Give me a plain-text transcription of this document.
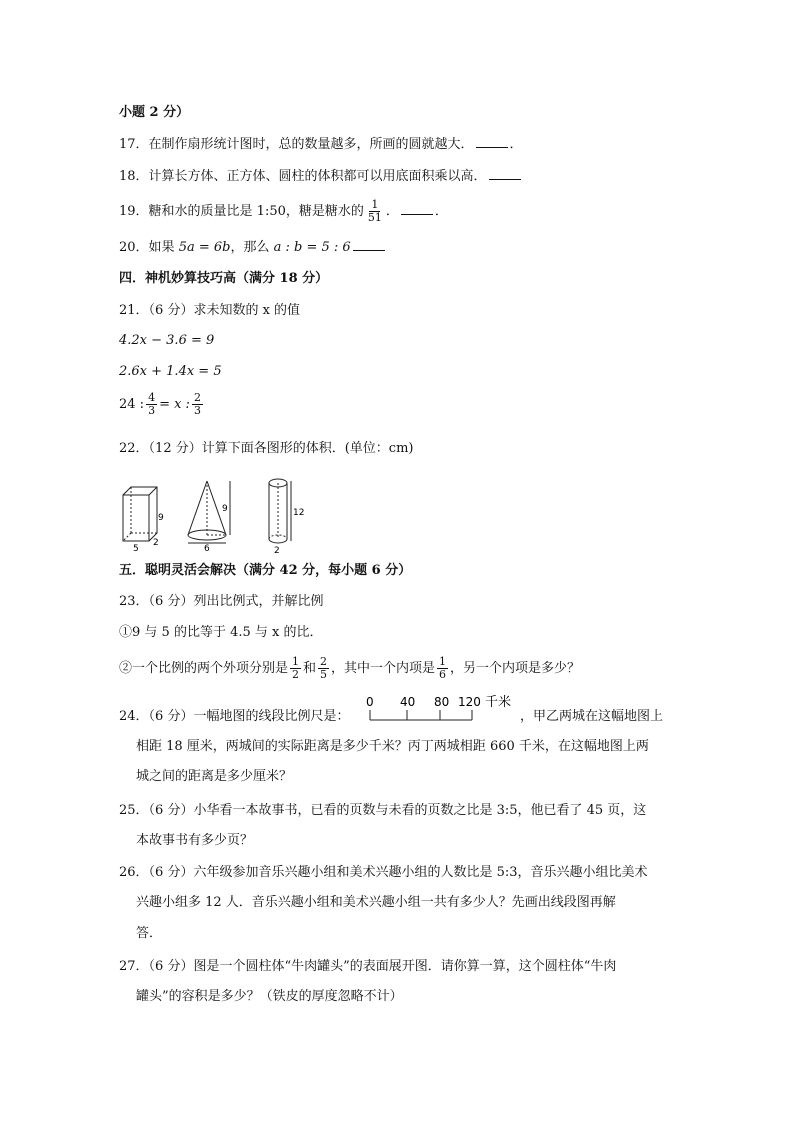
小题 2 分）
17．在制作扇形统计图时，总的数量越多，所画的圆就越大．	．
18．计算长方体、正方体、圆柱的体积都可以用底面积乘以高．
19．糖和水的质量比是 1:50，糖是糖水的 $\frac{1}{51}$ ．	．
20．如果 5a = 6b，那么 a : b = 5 : 6
四．神机妙算技巧高（满分 18 分）
21．（6 分）求未知数的 x 的值
4.2x − 3.6 = 9
2.6x + 1.4x = 5
24 : $\frac{4}{3} = x$ : $\frac{2}{3}$
22．（12 分）计算下面各图形的体积．(单位：cm)
9
5
2
9
6
12
2
五．聪明灵活会解决（满分 42 分，每小题 6 分）
23．（6 分）列出比例式，并解比例
①9 与 5 的比等于 4.5 与 x 的比．
②一个比例的两个外项分别是 $\frac{1}{2}$ 和 $\frac{2}{5}$ ，其中一个内项是 $\frac{1}{6}$ ，另一个内项是多少？
24．（6 分）一幅地图的线段比例尺是：
0 40 80 120 千米
，甲乙两城在这幅地图上
相距 18 厘米，两城间的实际距离是多少千米？丙丁两城相距 660 千米，在这幅地图上两
城之间的距离是多少厘米？
25．（6 分）小华看一本故事书，已看的页数与未看的页数之比是 3:5，他已看了 45 页，这
本故事书有多少页？
26．（6 分）六年级参加音乐兴趣小组和美术兴趣小组的人数比是 5:3，音乐兴趣小组比美术
兴趣小组多 12 人．音乐兴趣小组和美术兴趣小组一共有多少人？先画出线段图再解
答．
27．（6 分）图是一个圆柱体“牛肉罐头”的表面展开图．请你算一算，这个圆柱体“牛肉
罐头”的容积是多少？（铁皮的厚度忽略不计）
